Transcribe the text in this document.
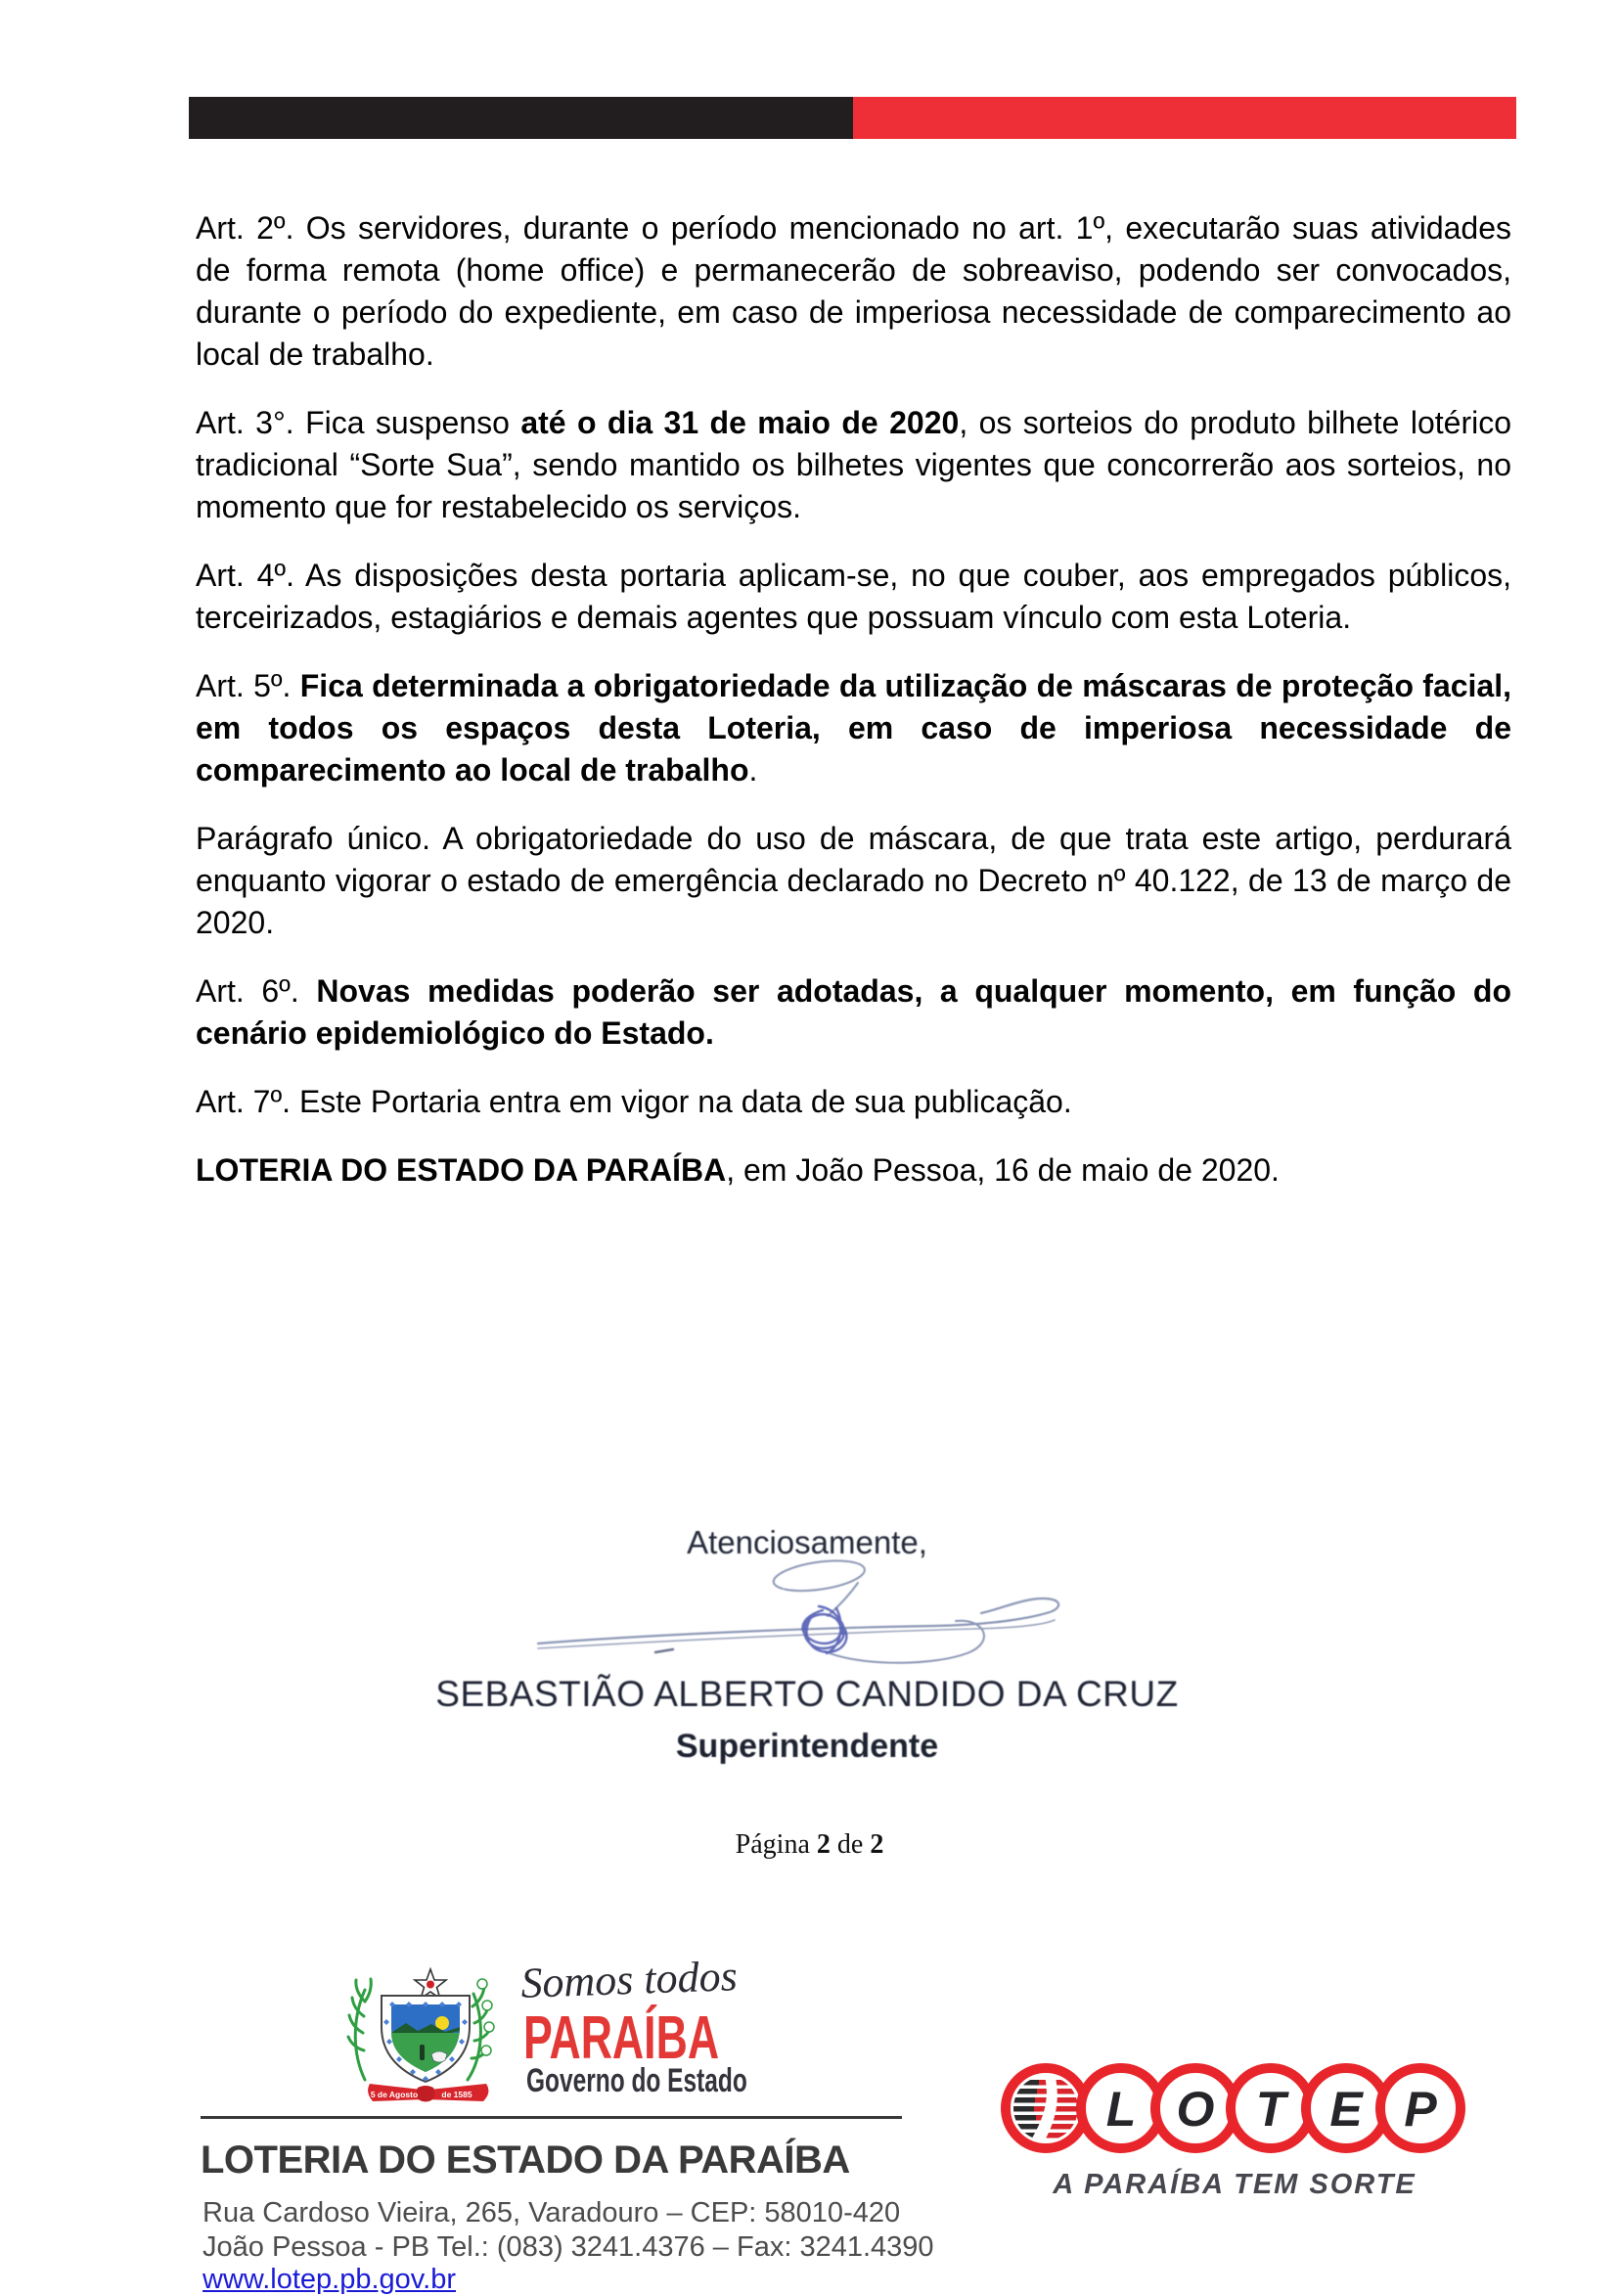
Art. 2º. Os servidores, durante o período mencionado no art. 1º, executarão suas atividades de forma remota (home office) e permanecerão de sobreaviso, podendo ser convocados, durante o período do expediente, em caso de imperiosa necessidade de comparecimento ao local de trabalho.

Art. 3°. Fica suspenso até o dia 31 de maio de 2020, os sorteios do produto bilhete lotérico tradicional “Sorte Sua”, sendo mantido os bilhetes vigentes que concorrerão aos sorteios, no momento que for restabelecido os serviços.

Art. 4º. As disposições desta portaria aplicam-se, no que couber, aos empregados públicos, terceirizados, estagiários e demais agentes que possuam vínculo com esta Loteria.

Art. 5º. Fica determinada a obrigatoriedade da utilização de máscaras de proteção facial, em todos os espaços desta Loteria, em caso de imperiosa necessidade de comparecimento ao local de trabalho.

Parágrafo único. A obrigatoriedade do uso de máscara, de que trata este artigo, perdurará enquanto vigorar o estado de emergência declarado no Decreto nº 40.122, de 13 de março de 2020.

Art. 6º. Novas medidas poderão ser adotadas, a qualquer momento, em função do cenário epidemiológico do Estado.

Art. 7º. Este Portaria entra em vigor na data de sua publicação.

LOTERIA DO ESTADO DA PARAÍBA, em João Pessoa, 16 de maio de 2020.

Atenciosamente,
SEBASTIÃO ALBERTO CANDIDO DA CRUZ
Superintendente
Página 2 de 2
5 de Agosto	de 1585
Somos todos
PARAÍBA
Governo do Estado
LOTERIA DO ESTADO DA PARAÍBA
Rua Cardoso Vieira, 265, Varadouro – CEP: 58010-420
João Pessoa - PB Tel.: (083) 3241.4376 – Fax: 3241.4390
www.lotep.pb.gov.br
L O T E P
A PARAÍBA TEM SORTE
